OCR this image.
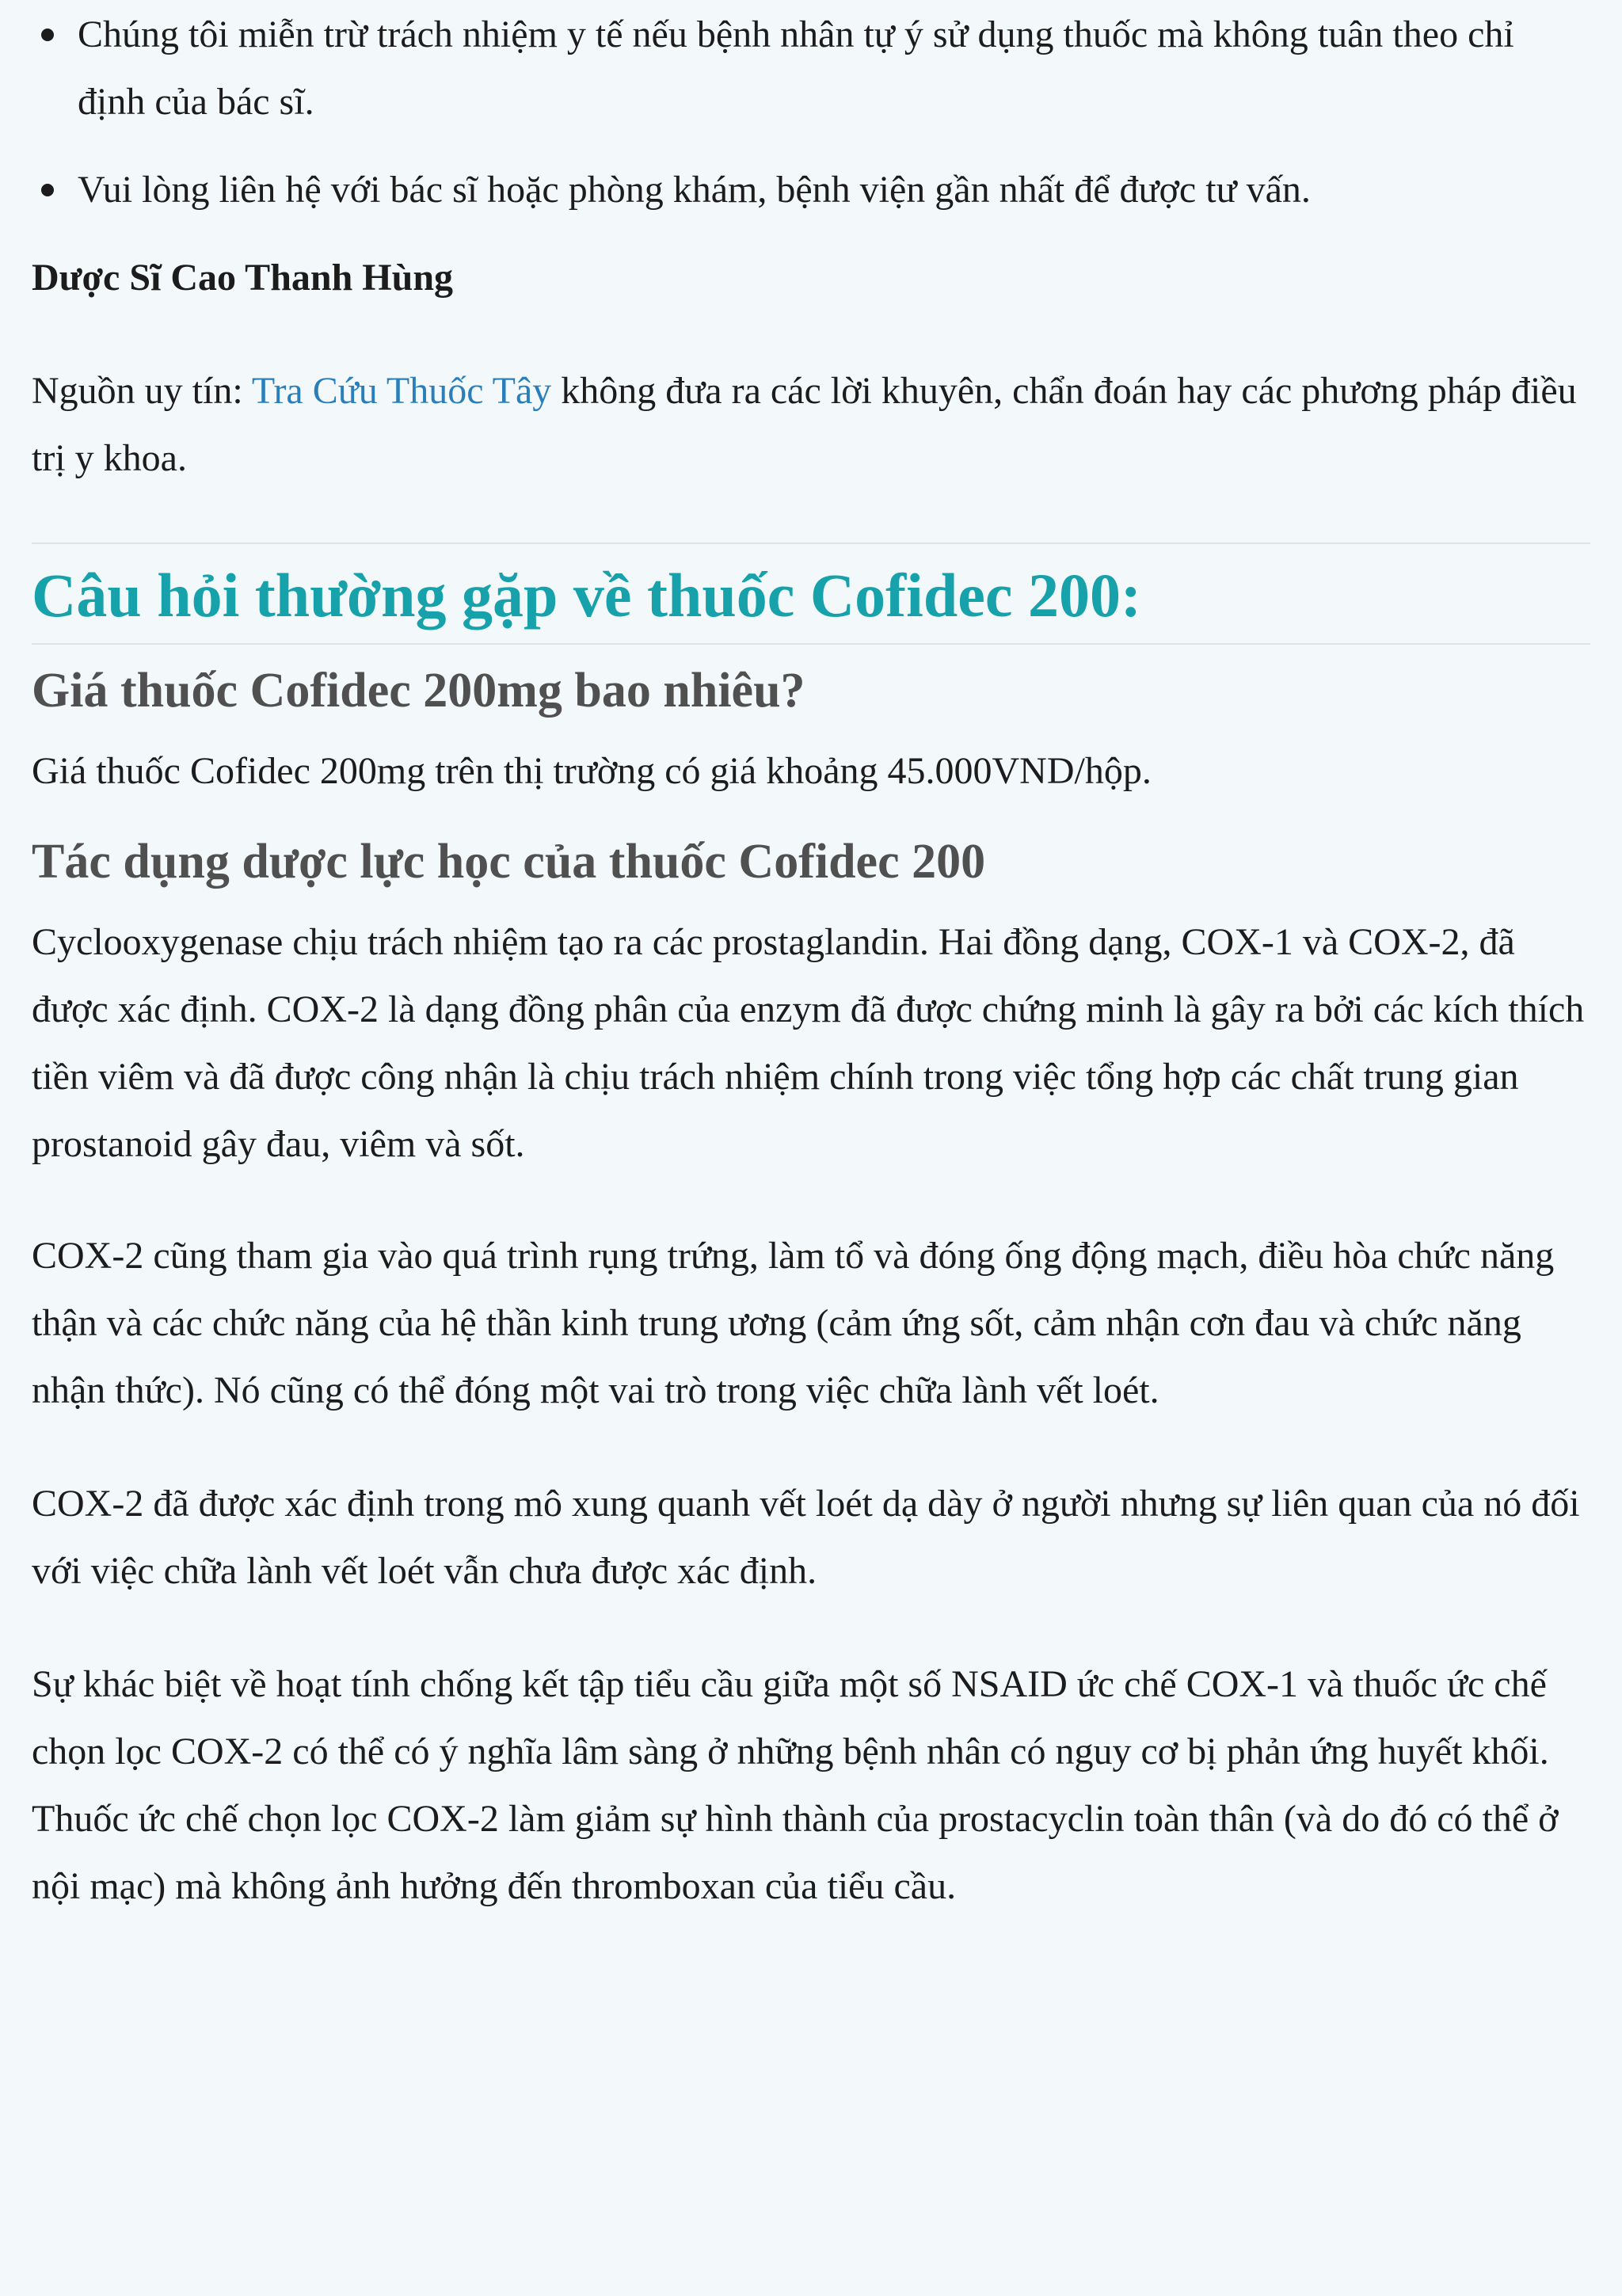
Chúng tôi miễn trừ trách nhiệm y tế nếu bệnh nhân tự ý sử dụng thuốc mà không tuân theo chỉ định của bác sĩ.
Vui lòng liên hệ với bác sĩ hoặc phòng khám, bệnh viện gần nhất để được tư vấn.

Dược Sĩ Cao Thanh Hùng

Nguồn uy tín: Tra Cứu Thuốc Tây không đưa ra các lời khuyên, chẩn đoán hay các phương pháp điều trị y khoa.

Câu hỏi thường gặp về thuốc Cofidec 200:
Giá thuốc Cofidec 200mg bao nhiêu?

Giá thuốc Cofidec 200mg trên thị trường có giá khoảng 45.000VND/hộp.

Tác dụng dược lực học của thuốc Cofidec 200

Cyclooxygenase chịu trách nhiệm tạo ra các prostaglandin. Hai đồng dạng, COX-1 và COX-2, đã được xác định. COX-2 là dạng đồng phân của enzym đã được chứng minh là gây ra bởi các kích thích tiền viêm và đã được công nhận là chịu trách nhiệm chính trong việc tổng hợp các chất trung gian prostanoid gây đau, viêm và sốt.

COX-2 cũng tham gia vào quá trình rụng trứng, làm tổ và đóng ống động mạch, điều hòa chức năng thận và các chức năng của hệ thần kinh trung ương (cảm ứng sốt, cảm nhận cơn đau và chức năng nhận thức). Nó cũng có thể đóng một vai trò trong việc chữa lành vết loét.

COX-2 đã được xác định trong mô xung quanh vết loét dạ dày ở người nhưng sự liên quan của nó đối với việc chữa lành vết loét vẫn chưa được xác định.

Sự khác biệt về hoạt tính chống kết tập tiểu cầu giữa một số NSAID ức chế COX-1 và thuốc ức chế chọn lọc COX-2 có thể có ý nghĩa lâm sàng ở những bệnh nhân có nguy cơ bị phản ứng huyết khối. Thuốc ức chế chọn lọc COX-2 làm giảm sự hình thành của prostacyclin toàn thân (và do đó có thể ở nội mạc) mà không ảnh hưởng đến thromboxan của tiểu cầu.
